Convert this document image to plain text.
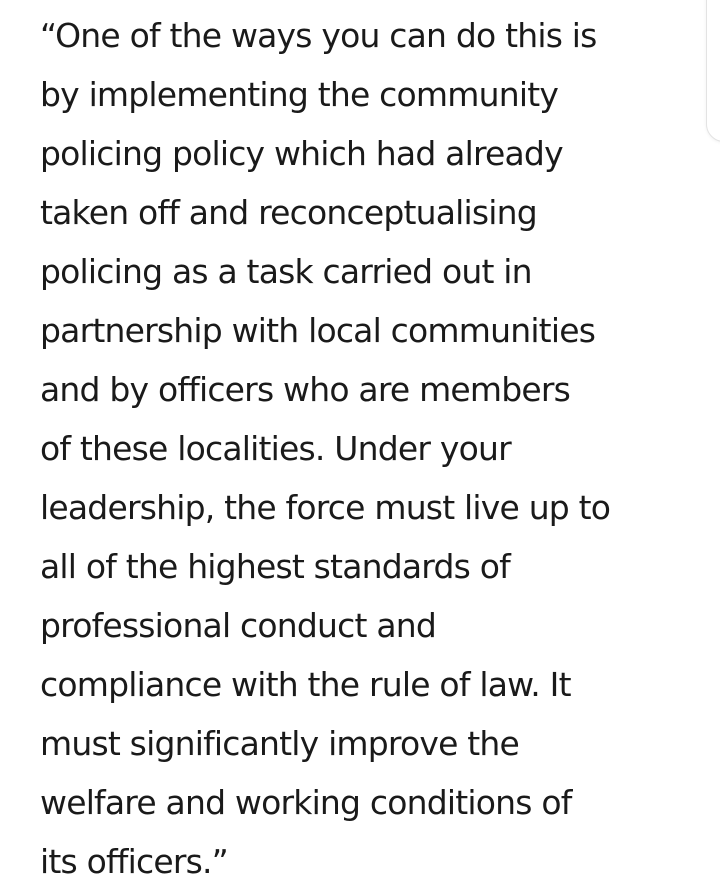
“One of the ways you can do this is
by implementing the community
policing policy which had already
taken off and reconceptualising
policing as a task carried out in
partnership with local communities
and by officers who are members
of these localities. Under your
leadership, the force must live up to
all of the highest standards of
professional conduct and
compliance with the rule of law. It
must significantly improve the
welfare and working conditions of
its officers.”
